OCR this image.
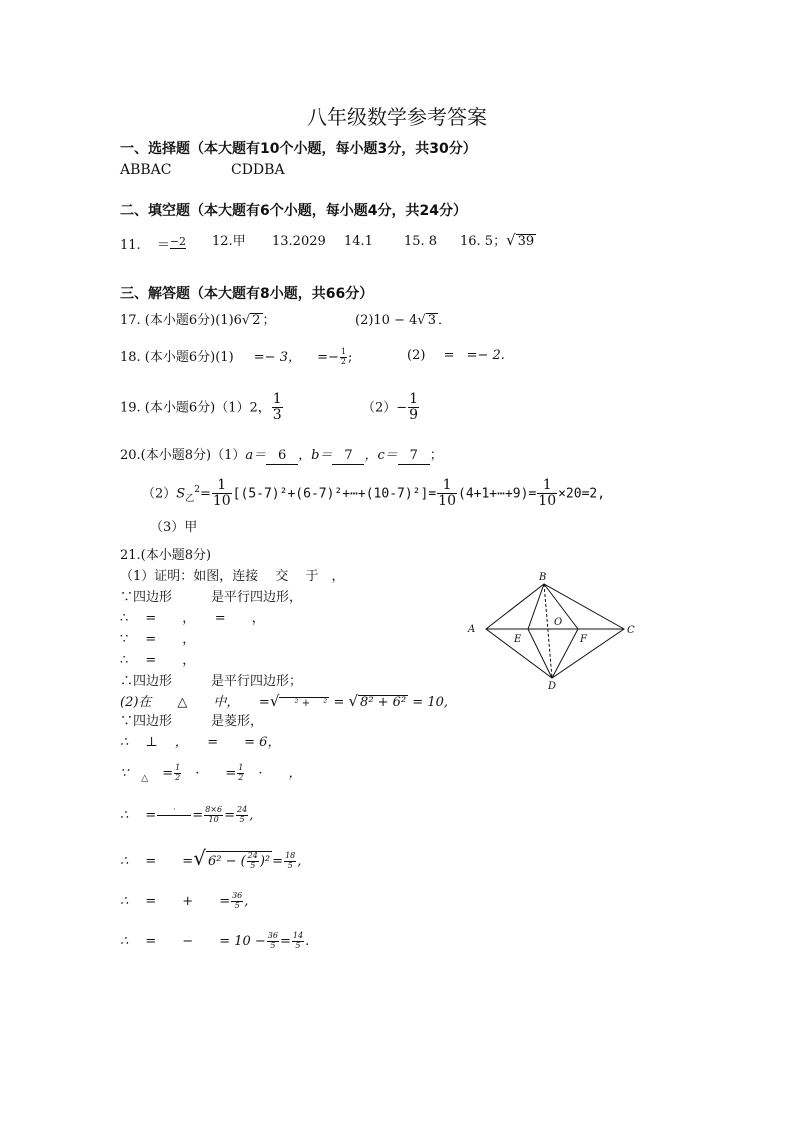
八年级数学参考答案
一、选择题（本大题有10个小题，每小题3分，共30分）
ABBAC	CDDBA
二、填空题（本大题有6个小题，每小题4分，共24分）
11. ＝$^{-2}$ 12.甲 13.2029 14.1 15. 8 16. 5；√ 39
三、解答题（本大题有8小题，共66分）
17. (本小题6分)(1)6√ 2 ；	(2)10 − 4√ 3 ．
18. (本小题6分)(1) =− 3， =− $\frac{1}{2}$ ;	(2) = =− 2.
19. (本小题6分)（1）2， $\frac{1}{3}$	$(2)- \frac{1}{9}$
20.(本小题8分)（1）a＝ 6 ，b＝ 7 ，c＝ 7 ；
$(2)S_乙^2= \frac{1}{10}$ [(5-7)²+(6-7)²+⋯+(10-7)²]= $\frac{1}{10}$ (4+1+⋯+9)= $\frac{1}{10} \times 20=2$,
（3）甲
21.(本小题8分)
（1）证明：如图，连接　 交　 于　，
∵四边形　　　是平行四边形，
∴　 =　　，　　=　　，
∵　 =　　，
∴　 =　　，
∴四边形　　　是平行四边形；
(2)在　　△　　中，　　=√　 ² +　 ² = √ 8² + 6² = 10,
∵四边形　　　是菱形，
∴　 ⊥　 ，　　=　　= 6，
∵　$_\triangle = \frac{1}{2}$ 　·　　= $\frac{1}{2}$ 　·　　，
∴　 =	·
	= $\frac{8\times 6}{10} = \frac{24}{5}$ ,
∴　 =　　=√ 6² − ( $\frac{24}{5} )^2 = \frac{18}{5}$ ,
∴　 =　　+　　= $\frac{36}{5}$ ,
∴　 =　　−　　= $10 - \frac{36}{5} = \frac{14}{5}$ .
A
B
C
D
E	F
O
